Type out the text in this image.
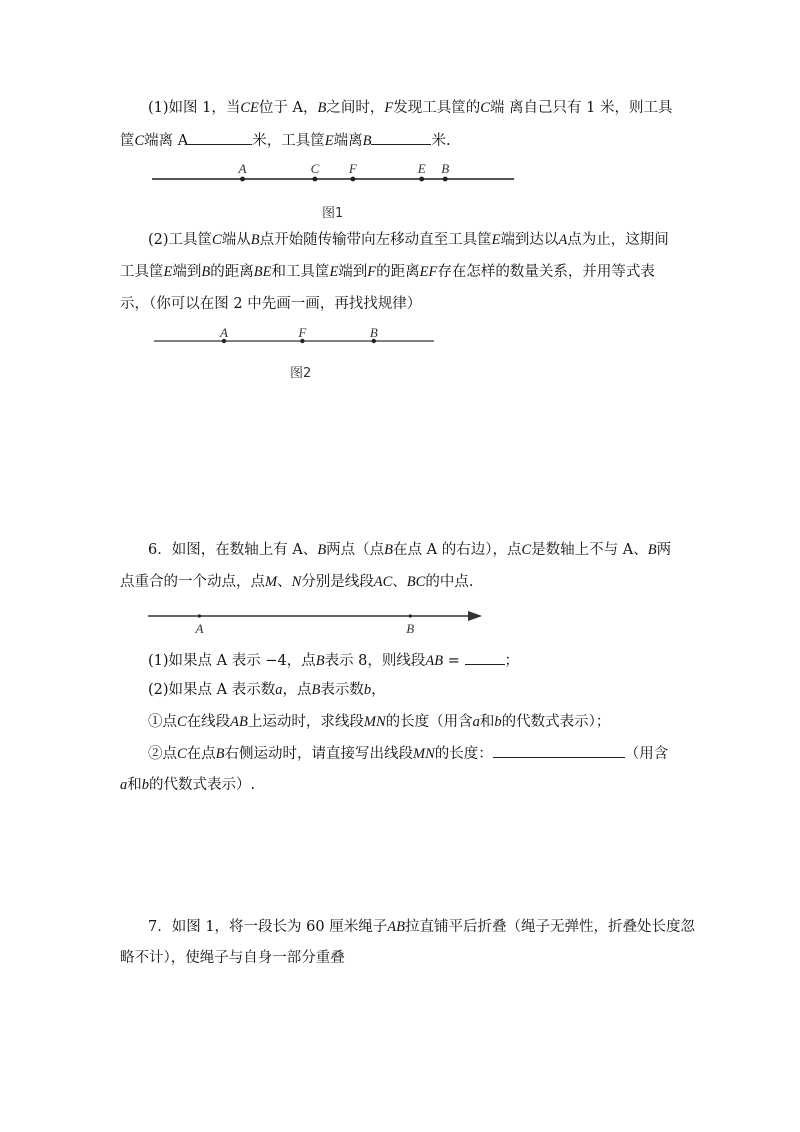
(1)如图 1，当CE位于 A，B之间时，F发现工具筐的C端 离自己只有 1 米，则工具
筐C端离 A	米，工具筐E端离B	米.
A	C F	E B
图1
(2)工具筐C端从B点开始随传输带向左移动直至工具筐E端到达以A点为止，这期间
工具筐E端到B的距离BE和工具筐E端到F的距离EF存在怎样的数量关系，并用等式表
示，（你可以在图 2 中先画一画，再找找规律）
A	F	B
图2
6．如图，在数轴上有 A、B两点（点B在点 A 的右边），点C是数轴上不与 A、B两
点重合的一个动点，点M、N分别是线段AC、BC的中点.
A	B
(1)如果点 A 表示 −4，点B表示 8，则线段AB =	；
(2)如果点 A 表示数a，点B表示数b，
①点C在线段AB上运动时，求线段MN的长度（用含a和b的代数式表示）；
②点C在点B右侧运动时，请直接写出线段MN的长度：	（用含
a和b的代数式表示）.
7．如图 1，将一段长为 60 厘米绳子AB拉直铺平后折叠（绳子无弹性，折叠处长度忽
略不计），使绳子与自身一部分重叠
